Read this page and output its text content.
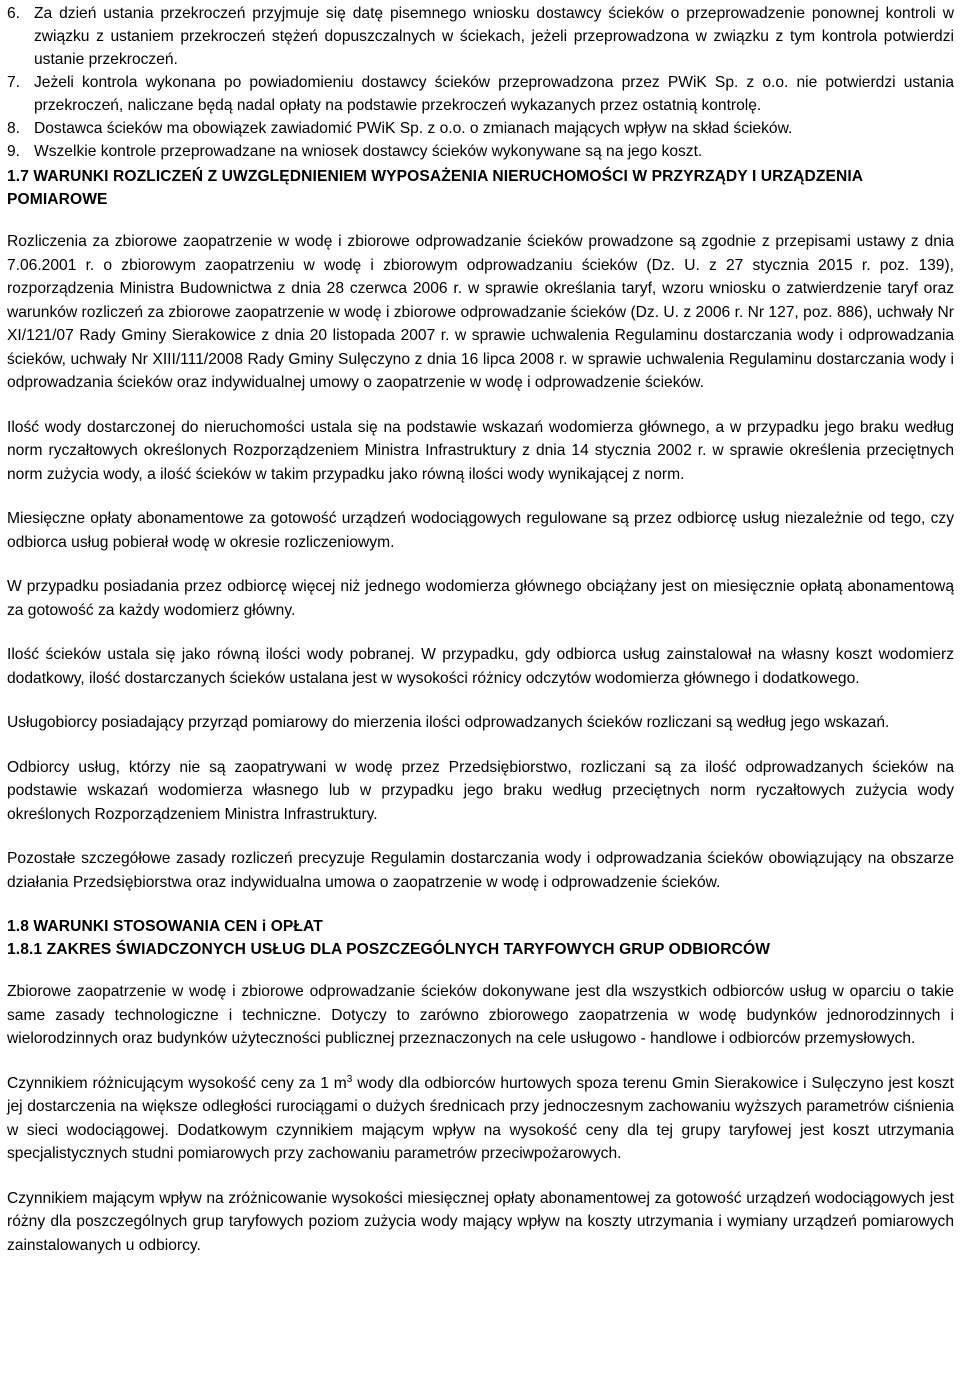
6. Za dzień ustania przekroczeń przyjmuje się datę pisemnego wniosku dostawcy ścieków o przeprowadzenie ponownej kontroli w związku z ustaniem przekroczeń stężeń dopuszczalnych w ściekach, jeżeli przeprowadzona w związku z tym kontrola potwierdzi ustanie przekroczeń.
7. Jeżeli kontrola wykonana po powiadomieniu dostawcy ścieków przeprowadzona przez PWiK Sp. z o.o. nie potwierdzi ustania przekroczeń, naliczane będą nadal opłaty na podstawie przekroczeń wykazanych przez ostatnią kontrolę.
8. Dostawca ścieków ma obowiązek zawiadomić PWiK Sp. z o.o. o zmianach mających wpływ na skład ścieków.
9. Wszelkie kontrole przeprowadzane na wniosek dostawcy ścieków wykonywane są na jego koszt.
1.7 WARUNKI ROZLICZEŃ Z UWZGLĘDNIENIEM WYPOSAŻENIA NIERUCHOMOŚCI W PRZYRZĄDY I URZĄDZENIA POMIAROWE

Rozliczenia za zbiorowe zaopatrzenie w wodę i zbiorowe odprowadzanie ścieków prowadzone są zgodnie z przepisami ustawy z dnia 7.06.2001 r. o zbiorowym zaopatrzeniu w wodę i zbiorowym odprowadzaniu ścieków (Dz. U. z 27 stycznia 2015 r. poz. 139), rozporządzenia Ministra Budownictwa z dnia 28 czerwca 2006 r. w sprawie określania taryf, wzoru wniosku o zatwierdzenie taryf oraz warunków rozliczeń za zbiorowe zaopatrzenie w wodę i zbiorowe odprowadzanie ścieków (Dz. U. z 2006 r. Nr 127, poz. 886), uchwały Nr XI/121/07 Rady Gminy Sierakowice z dnia 20 listopada 2007 r. w sprawie uchwalenia Regulaminu dostarczania wody i odprowadzania ścieków, uchwały Nr XIII/111/2008 Rady Gminy Sulęczyno z dnia 16 lipca 2008 r. w sprawie uchwalenia Regulaminu dostarczania wody i odprowadzania ścieków oraz indywidualnej umowy o zaopatrzenie w wodę i odprowadzenie ścieków.

Ilość wody dostarczonej do nieruchomości ustala się na podstawie wskazań wodomierza głównego, a w przypadku jego braku według norm ryczałtowych określonych Rozporządzeniem Ministra Infrastruktury z dnia 14 stycznia 2002 r. w sprawie określenia przeciętnych norm zużycia wody, a ilość ścieków w takim przypadku jako równą ilości wody wynikającej z norm.

Miesięczne opłaty abonamentowe za gotowość urządzeń wodociągowych regulowane są przez odbiorcę usług niezależnie od tego, czy odbiorca usług pobierał wodę w okresie rozliczeniowym.

W przypadku posiadania przez odbiorcę więcej niż jednego wodomierza głównego obciążany jest on miesięcznie opłatą abonamentową za gotowość za każdy wodomierz główny.

Ilość ścieków ustala się jako równą ilości wody pobranej. W przypadku, gdy odbiorca usług zainstalował na własny koszt wodomierz dodatkowy, ilość dostarczanych ścieków ustalana jest w wysokości różnicy odczytów wodomierza głównego i dodatkowego.

Usługobiorcy posiadający przyrząd pomiarowy do mierzenia ilości odprowadzanych ścieków rozliczani są według jego wskazań.

Odbiorcy usług, którzy nie są zaopatrywani w wodę przez Przedsiębiorstwo, rozliczani są za ilość odprowadzanych ścieków na podstawie wskazań wodomierza własnego lub w przypadku jego braku według przeciętnych norm ryczałtowych zużycia wody określonych Rozporządzeniem Ministra Infrastruktury.

Pozostałe szczegółowe zasady rozliczeń precyzuje Regulamin dostarczania wody i odprowadzania ścieków obowiązujący na obszarze działania Przedsiębiorstwa oraz indywidualna umowa o zaopatrzenie w wodę i odprowadzenie ścieków.

1.8 WARUNKI STOSOWANIA CEN i OPŁAT
1.8.1 ZAKRES ŚWIADCZONYCH USŁUG DLA POSZCZEGÓLNYCH TARYFOWYCH GRUP ODBIORCÓW

Zbiorowe zaopatrzenie w wodę i zbiorowe odprowadzanie ścieków dokonywane jest dla wszystkich odbiorców usług w oparciu o takie same zasady technologiczne i techniczne. Dotyczy to zarówno zbiorowego zaopatrzenia w wodę budynków jednorodzinnych i wielorodzinnych oraz budynków użyteczności publicznej przeznaczonych na cele usługowo - handlowe i odbiorców przemysłowych.

Czynnikiem różnicującym wysokość ceny za 1 $m^3$ wody dla odbiorców hurtowych spoza terenu Gmin Sierakowice i Sulęczyno jest koszt jej dostarczenia na większe odległości rurociągami o dużych średnicach przy jednoczesnym zachowaniu wyższych parametrów ciśnienia w sieci wodociągowej. Dodatkowym czynnikiem mającym wpływ na wysokość ceny dla tej grupy taryfowej jest koszt utrzymania specjalistycznych studni pomiarowych przy zachowaniu parametrów przeciwpożarowych.

Czynnikiem mającym wpływ na zróżnicowanie wysokości miesięcznej opłaty abonamentowej za gotowość urządzeń wodociągowych jest różny dla poszczególnych grup taryfowych poziom zużycia wody mający wpływ na koszty utrzymania i wymiany urządzeń pomiarowych zainstalowanych u odbiorcy.
